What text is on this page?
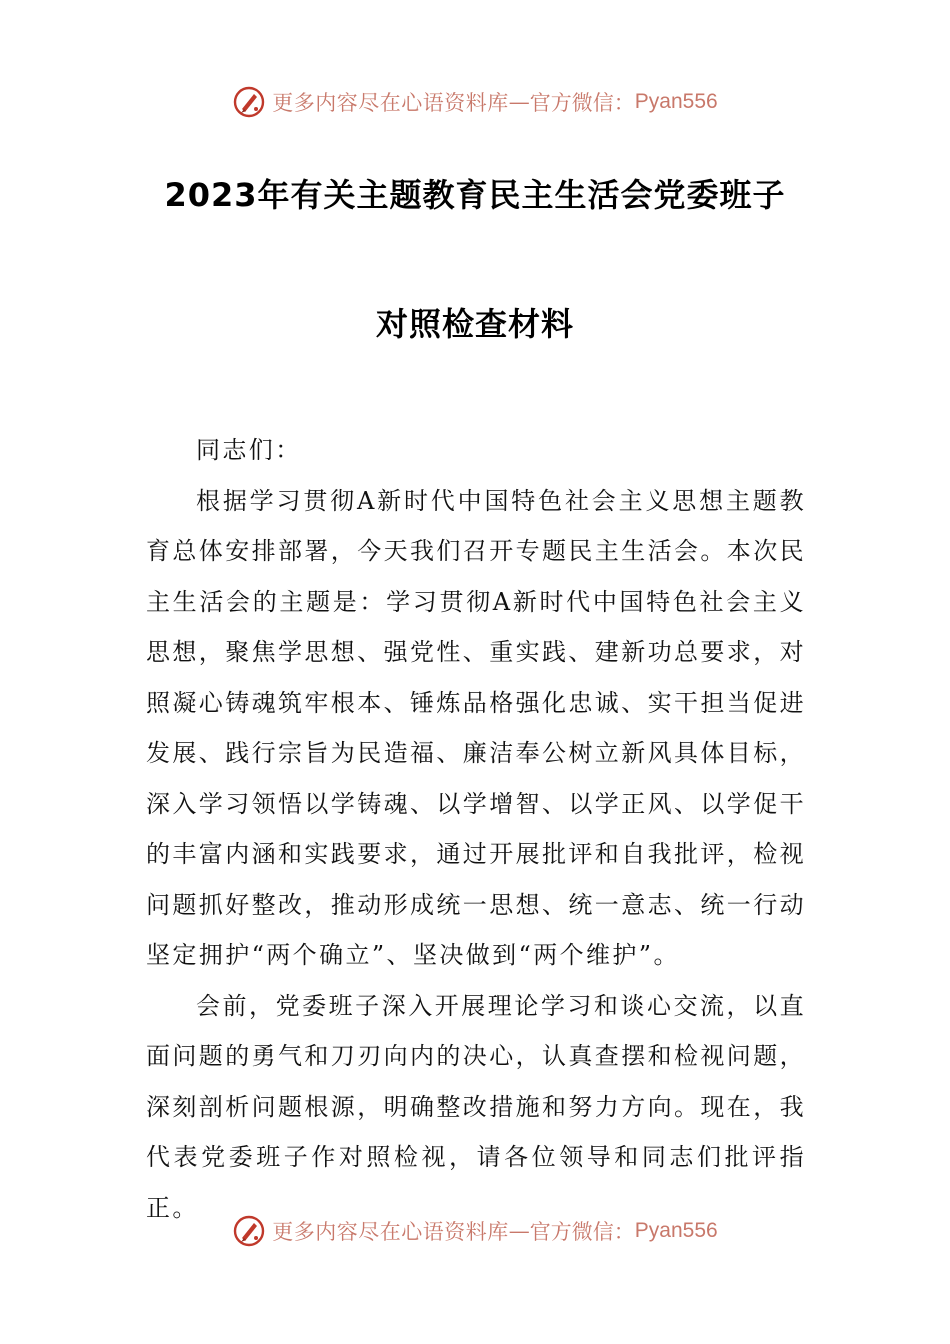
更多内容尽在心语资料库 — 官方微信： Pyan556
2023年有关主题教育民主生活会党委班子
对照检查材料

同志们：

根据学习贯彻A新时代中国特色社会主义思想主题教育总体安排部署，今天我们召开专题民主生活会。本次民主生活会的主题是：学习贯彻A新时代中国特色社会主义思想，聚焦学思想、强党性、重实践、建新功总要求，对照凝心铸魂筑牢根本、锤炼品格强化忠诚、实干担当促进发展、践行宗旨为民造福、廉洁奉公树立新风具体目标，深入学习领悟以学铸魂、以学增智、以学正风、以学促干的丰富内涵和实践要求，通过开展批评和自我批评，检视问题抓好整改，推动形成统一思想、统一意志、统一行动坚定拥护“两个确立”、坚决做到“两个维护”。

会前，党委班子深入开展理论学习和谈心交流，以直面问题的勇气和刀刃向内的决心，认真查摆和检视问题，深刻剖析问题根源，明确整改措施和努力方向。现在，我代表党委班子作对照检视，请各位领导和同志们批评指正。

更多内容尽在心语资料库 — 官方微信： Pyan556
